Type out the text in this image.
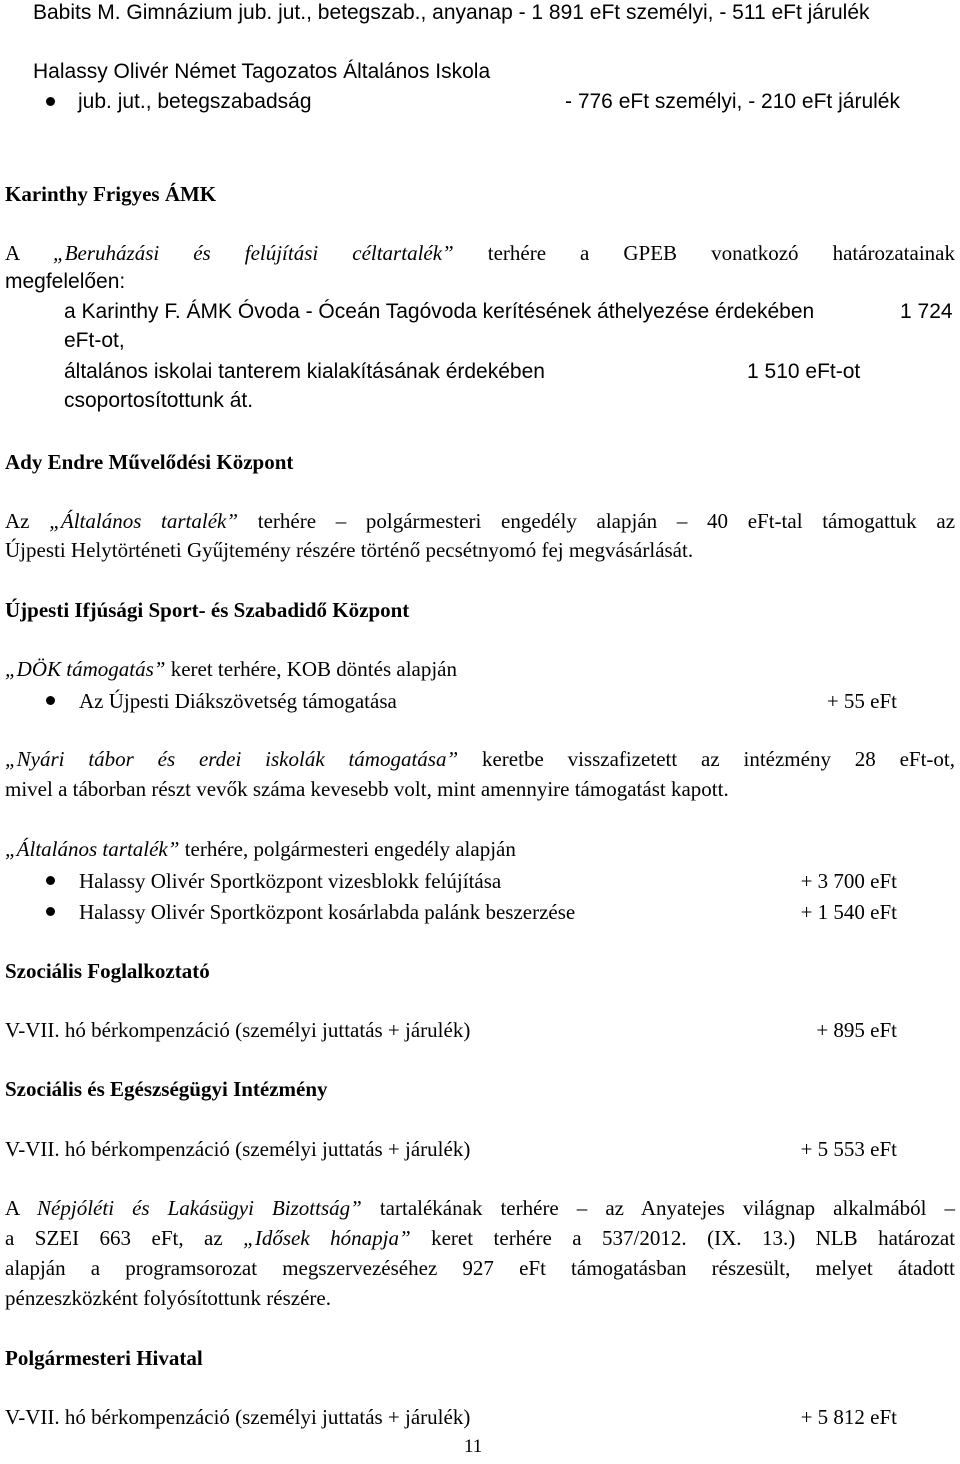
Babits M. Gimnázium jub. jut., betegszab., anyanap - 1 891 eFt személyi, - 511 eFt járulék
Halassy Olivér Német Tagozatos Általános Iskola
jub. jut., betegszabadság	- 776 eFt személyi, - 210 eFt járulék
Karinthy Frigyes ÁMK
A „Beruházási és felújítási céltartalék” terhére a GPEB vonatkozó határozatainak
megfelelően:
a Karinthy F. ÁMK Óvoda - Óceán Tagóvoda kerítésének áthelyezése érdekében	1 724
eFt-ot,
általános iskolai tanterem kialakításának érdekében	1 510 eFt-ot
csoportosítottunk át.
Ady Endre Művelődési Központ
Az „Általános tartalék” terhére – polgármesteri engedély alapján – 40 eFt-tal támogattuk az
Újpesti Helytörténeti Gyűjtemény részére történő pecsétnyomó fej megvásárlását.
Újpesti Ifjúsági Sport- és Szabadidő Központ
„DÖK támogatás” keret terhére, KOB döntés alapján
Az Újpesti Diákszövetség támogatása	+ 55 eFt
„Nyári tábor és erdei iskolák támogatása” keretbe visszafizetett az intézmény 28 eFt-ot,
mivel a táborban részt vevők száma kevesebb volt, mint amennyire támogatást kapott.
„Általános tartalék” terhére, polgármesteri engedély alapján
Halassy Olivér Sportközpont vizesblokk felújítása	+ 3 700 eFt
Halassy Olivér Sportközpont kosárlabda palánk beszerzése	+ 1 540 eFt
Szociális Foglalkoztató
V-VII. hó bérkompenzáció (személyi juttatás + járulék)	+ 895 eFt
Szociális és Egészségügyi Intézmény
V-VII. hó bérkompenzáció (személyi juttatás + járulék)	+ 5 553 eFt
A Népjóléti és Lakásügyi Bizottság” tartalékának terhére – az Anyatejes világnap alkalmából –
a SZEI 663 eFt, az „Idősek hónapja” keret terhére a 537/2012. (IX. 13.) NLB határozat
alapján a programsorozat megszervezéséhez 927 eFt támogatásban részesült, melyet átadott
pénzeszközként folyósítottunk részére.
Polgármesteri Hivatal
V-VII. hó bérkompenzáció (személyi juttatás + járulék)	+ 5 812 eFt
11
